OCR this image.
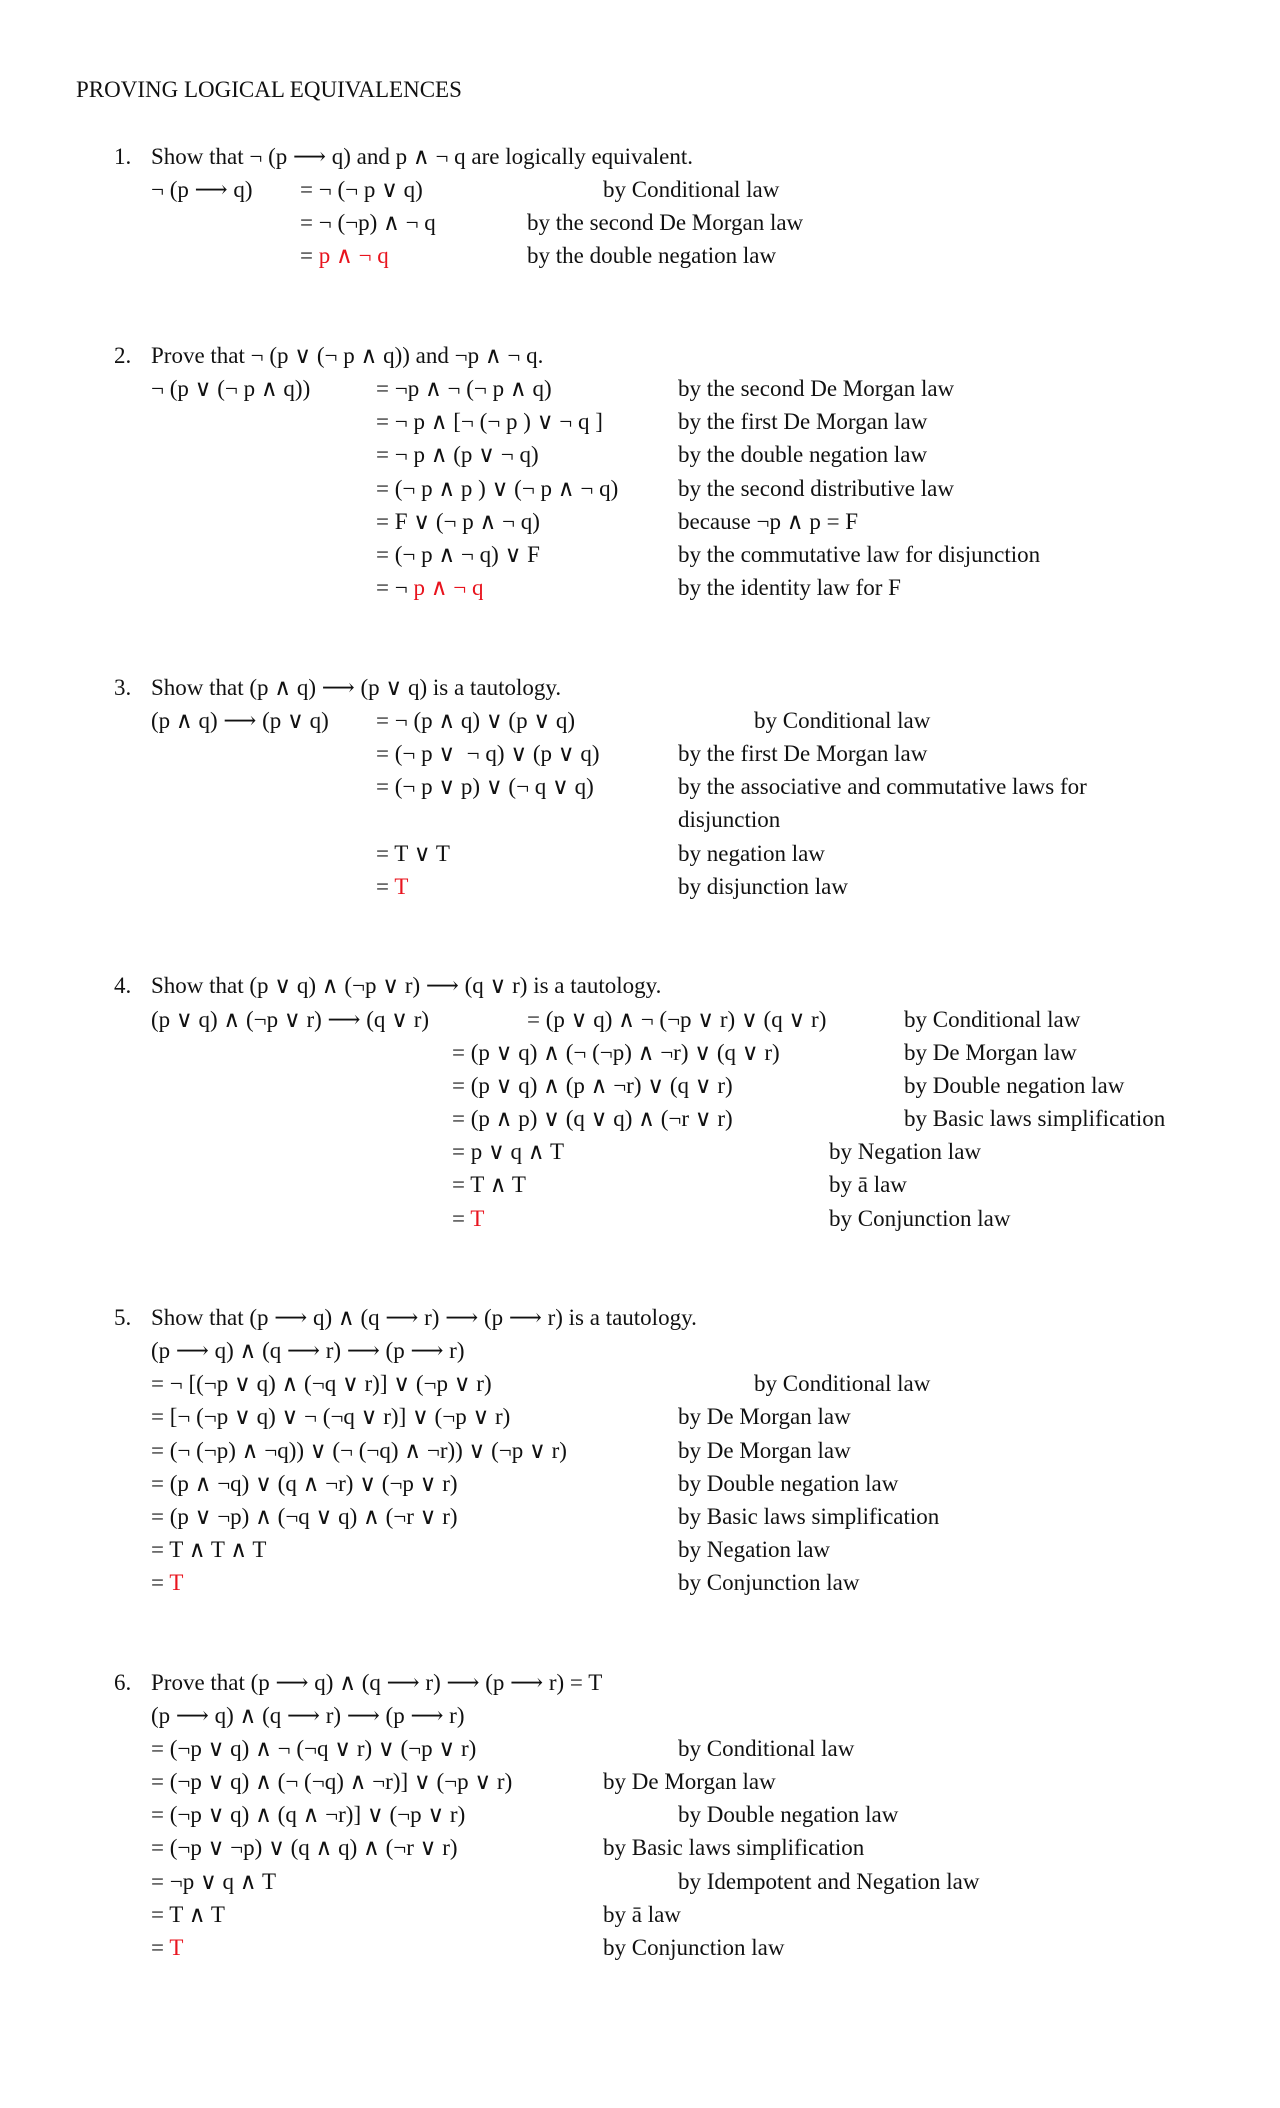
PROVING LOGICAL EQUIVALENCES
1. Show that ¬ (p ⟶ q) and p ∧ ¬ q are logically equivalent.
¬ (p ⟶ q) = ¬ (¬ p ∨ q)	by Conditional law
= ¬ (¬p) ∧ ¬ q	by the second De Morgan law
= p ∧ ¬ q	by the double negation law
2. Prove that ¬ (p ∨ (¬ p ∧ q)) and ¬p ∧ ¬ q.
¬ (p ∨ (¬ p ∧ q))	= ¬p ∧ ¬ (¬ p ∧ q)	by the second De Morgan law
= ¬ p ∧ [¬ (¬ p ) ∨ ¬ q ]	by the first De Morgan law
= ¬ p ∧ (p ∨ ¬ q)	by the double negation law
= (¬ p ∧ p ) ∨ (¬ p ∧ ¬ q)	by the second distributive law
= F ∨ (¬ p ∧ ¬ q)	because ¬p ∧ p = F
= (¬ p ∧ ¬ q) ∨ F	by the commutative law for disjunction
= ¬ p ∧ ¬ q	by the identity law for F
3. Show that (p ∧ q) ⟶ (p ∨ q) is a tautology.
(p ∧ q) ⟶ (p ∨ q) = ¬ (p ∧ q) ∨ (p ∨ q)	by Conditional law
= (¬ p ∨  ¬ q) ∨ (p ∨ q)	by the first De Morgan law
= (¬ p ∨ p) ∨ (¬ q ∨ q)	by the associative and commutative laws for
disjunction
= T ∨ T	by negation law
= T	by disjunction law
4. Show that (p ∨ q) ∧ (¬p ∨ r) ⟶ (q ∨ r) is a tautology.
(p ∨ q) ∧ (¬p ∨ r) ⟶ (q ∨ r)	= (p ∨ q) ∧ ¬ (¬p ∨ r) ∨ (q ∨ r)	by Conditional law
= (p ∨ q) ∧ (¬ (¬p) ∧ ¬r) ∨ (q ∨ r)	by De Morgan law
= (p ∨ q) ∧ (p ∧ ¬r) ∨ (q ∨ r)	by Double negation law
= (p ∧ p) ∨ (q ∨ q) ∧ (¬r ∨ r)	by Basic laws simplification
= p ∨ q ∧ T	by Negation law
= T ∧ T	by ā law
= T	by Conjunction law
5. Show that (p ⟶ q) ∧ (q ⟶ r) ⟶ (p ⟶ r) is a tautology.
(p ⟶ q) ∧ (q ⟶ r) ⟶ (p ⟶ r)
= ¬ [(¬p ∨ q) ∧ (¬q ∨ r)] ∨ (¬p ∨ r)	by Conditional law
= [¬ (¬p ∨ q) ∨ ¬ (¬q ∨ r)] ∨ (¬p ∨ r)	by De Morgan law
= (¬ (¬p) ∧ ¬q)) ∨ (¬ (¬q) ∧ ¬r)) ∨ (¬p ∨ r)	by De Morgan law
= (p ∧ ¬q) ∨ (q ∧ ¬r) ∨ (¬p ∨ r)	by Double negation law
= (p ∨ ¬p) ∧ (¬q ∨ q) ∧ (¬r ∨ r)	by Basic laws simplification
= T ∧ T ∧ T	by Negation law
= T	by Conjunction law
6. Prove that (p ⟶ q) ∧ (q ⟶ r) ⟶ (p ⟶ r) = T
(p ⟶ q) ∧ (q ⟶ r) ⟶ (p ⟶ r)
= (¬p ∨ q) ∧ ¬ (¬q ∨ r) ∨ (¬p ∨ r)	by Conditional law
= (¬p ∨ q) ∧ (¬ (¬q) ∧ ¬r)] ∨ (¬p ∨ r)	by De Morgan law
= (¬p ∨ q) ∧ (q ∧ ¬r)] ∨ (¬p ∨ r)	by Double negation law
= (¬p ∨ ¬p) ∨ (q ∧ q) ∧ (¬r ∨ r)	by Basic laws simplification
= ¬p ∨ q ∧ T	by Idempotent and Negation law
= T ∧ T	by ā law
= T	by Conjunction law
